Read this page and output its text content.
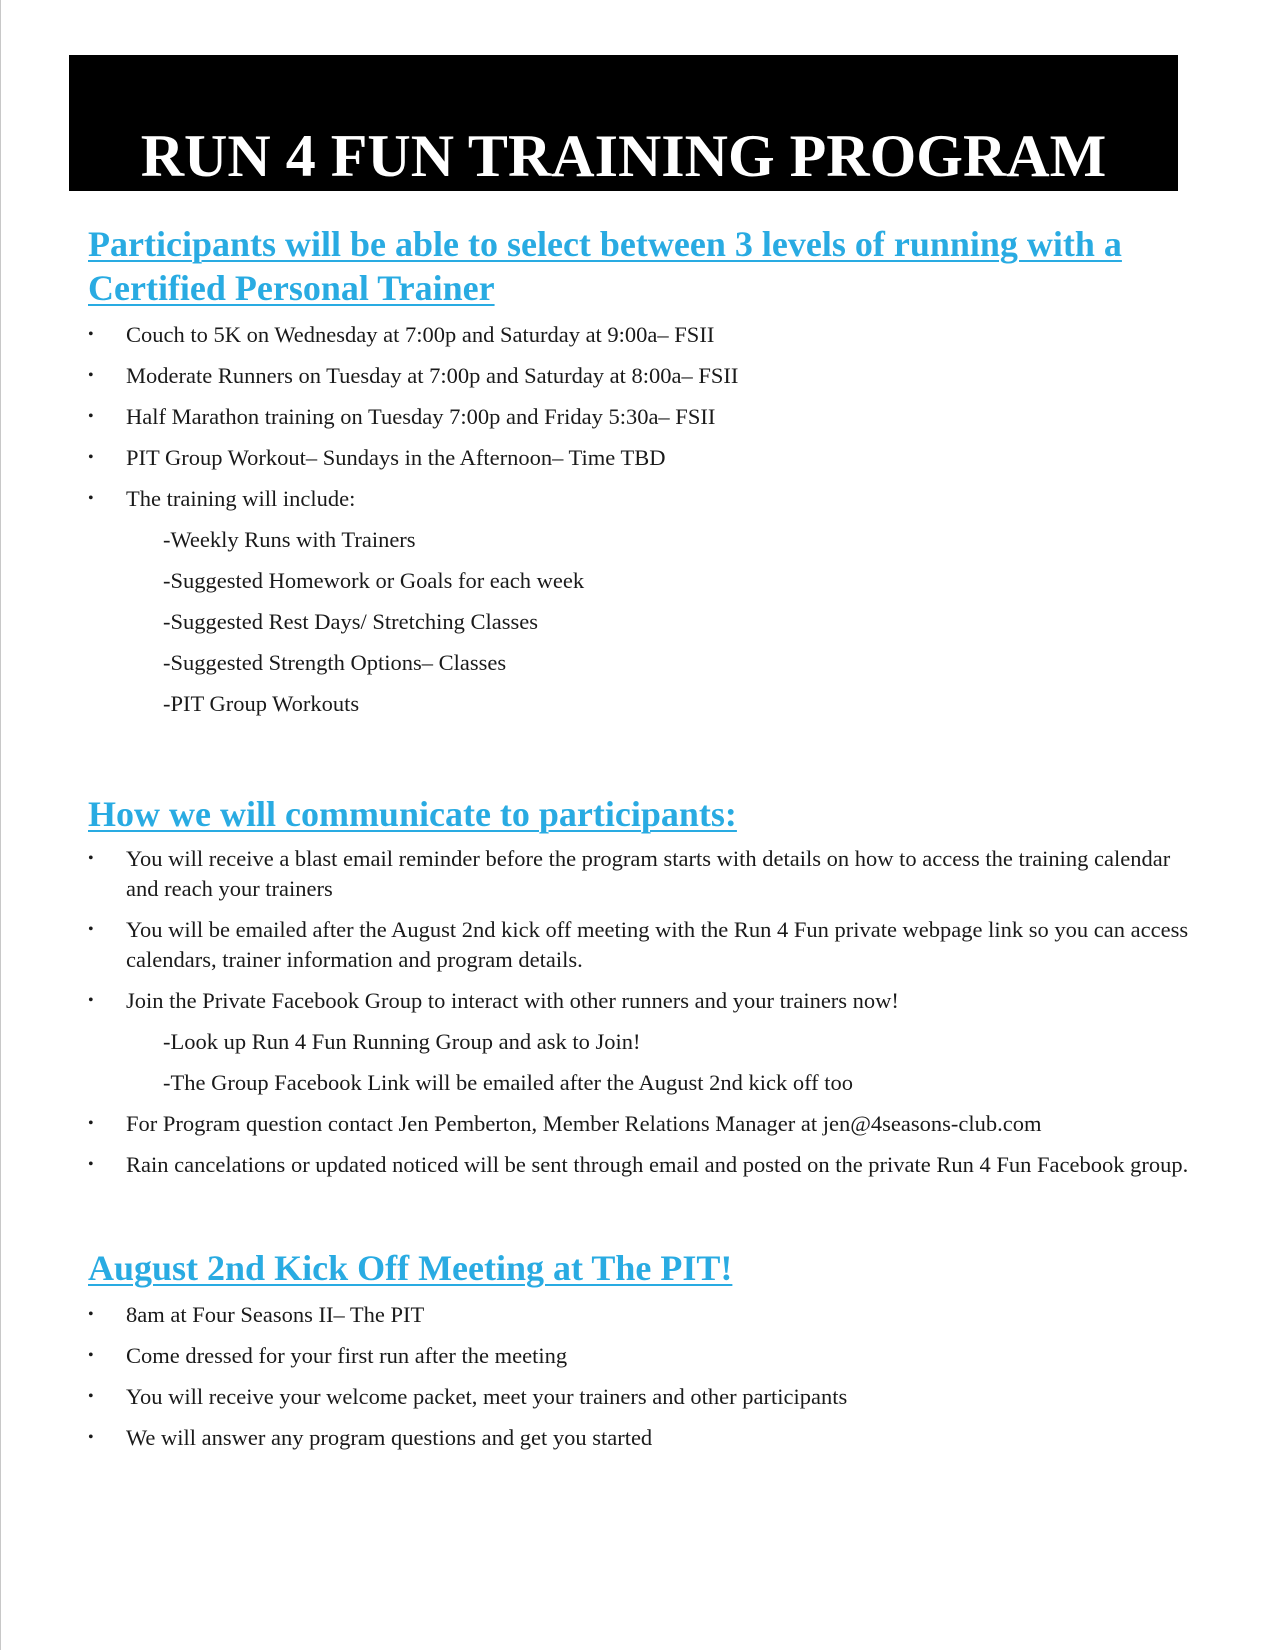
RUN 4 FUN TRAINING PROGRAM
Participants will be able to select between 3 levels of running with a Certified Personal Trainer
• Couch to 5K on Wednesday at 7:00p and Saturday at 9:00a– FSII
• Moderate Runners on Tuesday at 7:00p and Saturday at 8:00a– FSII
• Half Marathon training on Tuesday 7:00p and Friday 5:30a– FSII
• PIT Group Workout– Sundays in the Afternoon– Time TBD
• The training will include:
-Weekly Runs with Trainers
-Suggested Homework or Goals for each week
-Suggested Rest Days/ Stretching Classes
-Suggested Strength Options– Classes
-PIT Group Workouts
How we will communicate to participants:
• You will receive a blast email reminder before the program starts with details on how to access the training calendar and reach your trainers
• You will be emailed after the August 2nd kick off meeting with the Run 4 Fun private webpage link so you can access calendars, trainer information and program details.
• Join the Private Facebook Group to interact with other runners and your trainers now!
-Look up Run 4 Fun Running Group and ask to Join!
-The Group Facebook Link will be emailed after the August 2nd kick off too
• For Program question contact Jen Pemberton, Member Relations Manager at jen@4seasons-club.com
• Rain cancelations or updated noticed will be sent through email and posted on the private Run 4 Fun Facebook group.
August 2nd Kick Off Meeting at The PIT!
• 8am at Four Seasons II– The PIT
• Come dressed for your first run after the meeting
• You will receive your welcome packet, meet your trainers and other participants
• We will answer any program questions and get you started
